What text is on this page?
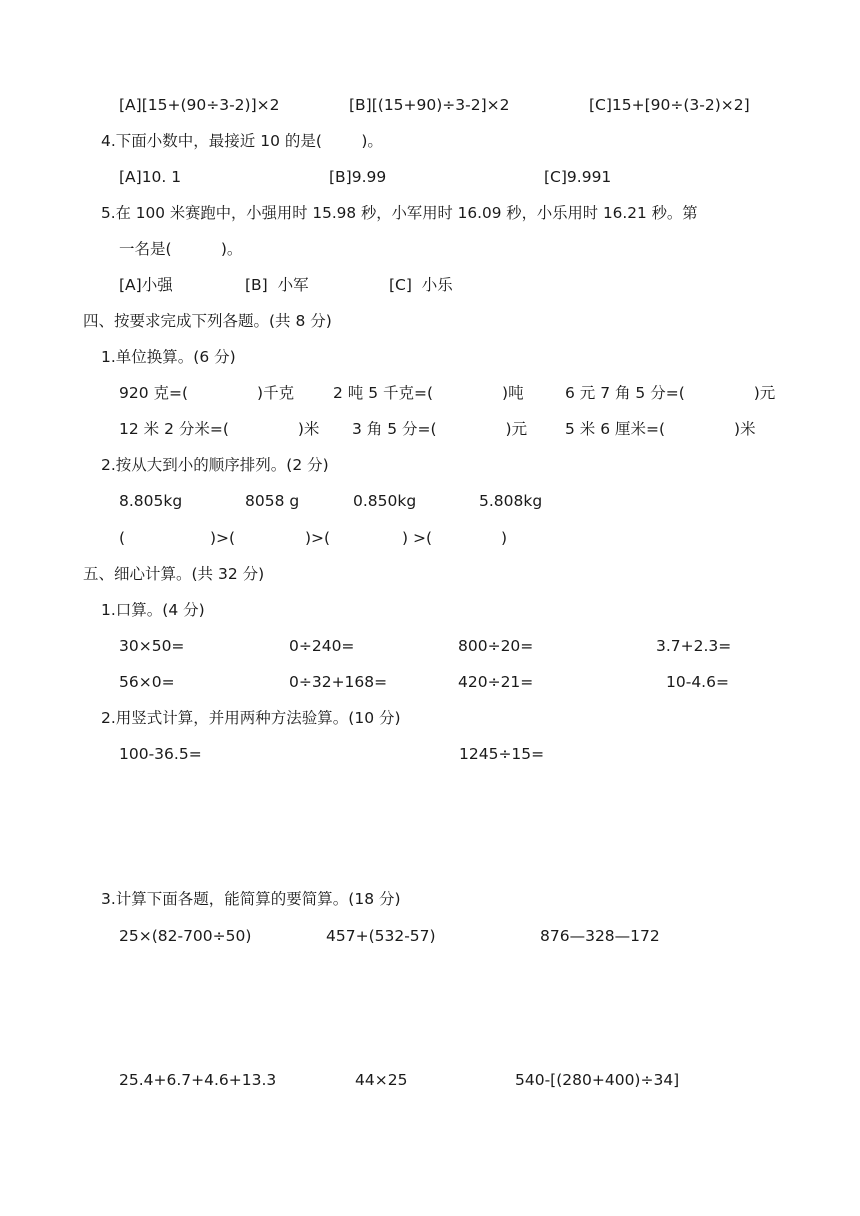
[A][15+(90÷3-2)]×2	[B][(15+90)÷3-2]×2	[C]15+[90÷(3-2)×2]
4.下面小数中，最接近 10 的是(        )。
[A]10. 1	[B]9.99	[C]9.991
5.在 100 米赛跑中，小强用时 15.98 秒，小军用时 16.09 秒，小乐用时 16.21 秒。第
一名是(          )。
[A]小强	[B]  小军	[C]  小乐
四、按要求完成下列各题。(共 8 分)
1.单位换算。(6 分)
920 克=(              )千克	2 吨 5 千克=(              )吨	6 元 7 角 5 分=(              )元
12 米 2 分米=(              )米 3 角 5 分=(              )元 5 米 6 厘米=(              )米
2.按从大到小的顺序排列。(2 分)
8.805kg	8058 g	0.850kg	5.808kg
(	)>(	)>(	) >(	)
五、细心计算。(共 32 分)
1.口算。(4 分)
30×50=	0÷240=	800÷20=	3.7+2.3=
56×0=	0÷32+168=	420÷21=	10-4.6=
2.用竖式计算，并用两种方法验算。(10 分)
100-36.5=	1245÷15=
3.计算下面各题，能简算的要简算。(18 分)
25×(82-700÷50)	457+(532-57)	876—328—172
25.4+6.7+4.6+13.3	44×25	540-[(280+400)÷34]
